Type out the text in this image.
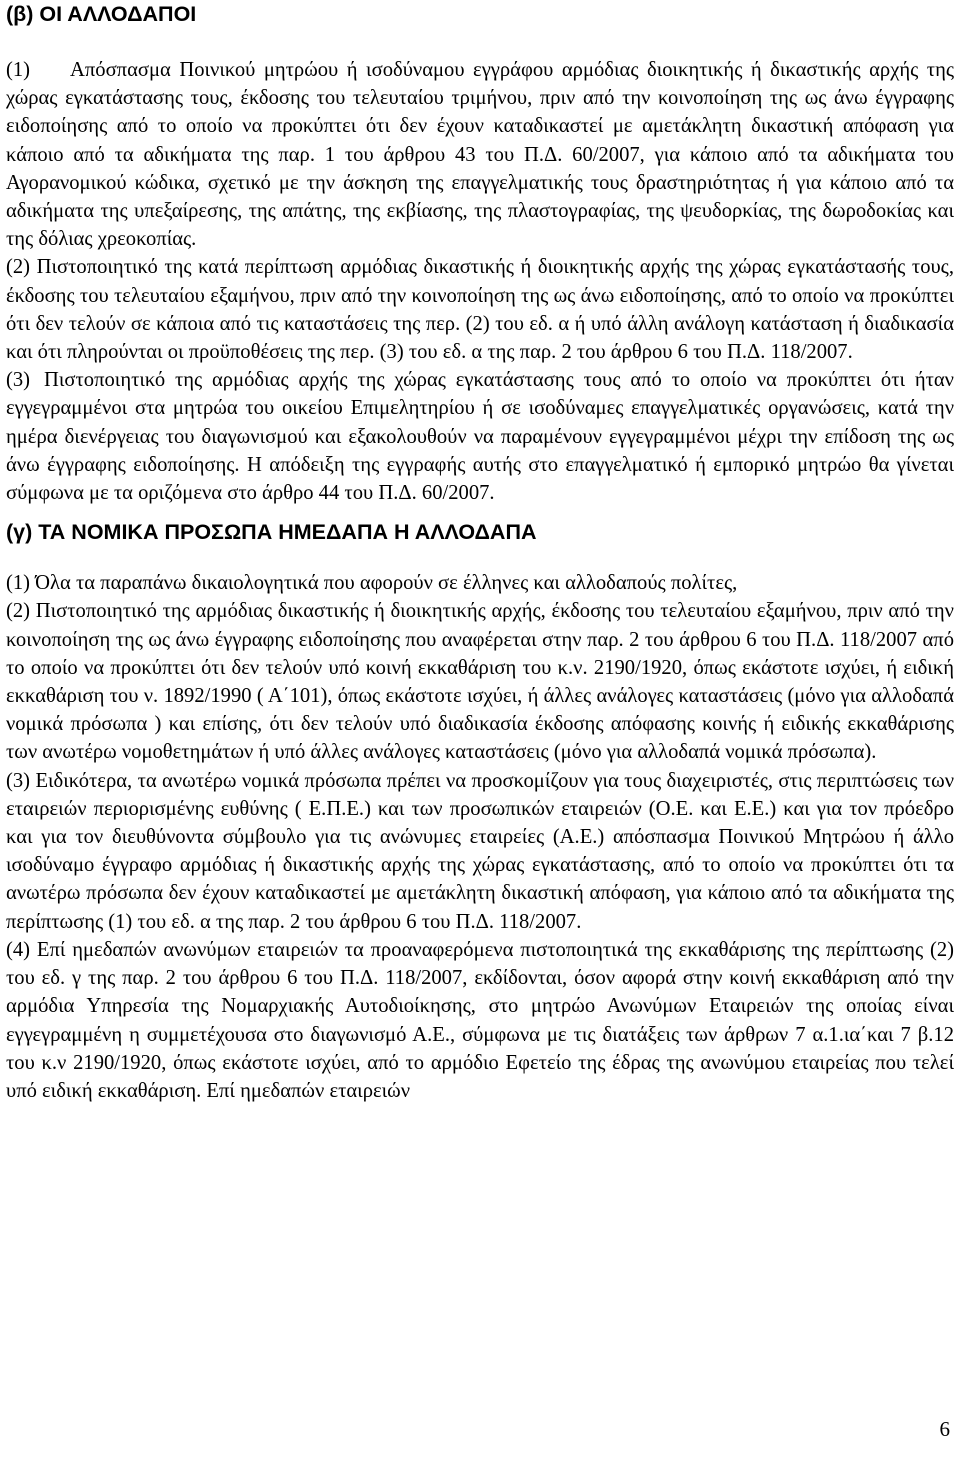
(β) ΟΙ ΑΛΛΟΔΑΠΟΙ

(1) Απόσπασμα Ποινικού μητρώου ή ισοδύναμου εγγράφου αρμόδιας διοικητικής ή δικαστικής αρχής της χώρας εγκατάστασης τους, έκδοσης του τελευταίου τριμήνου, πριν από την κοινοποίηση της ως άνω έγγραφης ειδοποίησης από το οποίο να προκύπτει ότι δεν έχουν καταδικαστεί με αμετάκλητη δικαστική απόφαση για κάποιο από τα αδικήματα της παρ. 1 του άρθρου 43 του Π.Δ. 60/2007, για κάποιο από τα αδικήματα του Αγορανομικού κώδικα, σχετικό με την άσκηση της επαγγελματικής τους δραστηριότητας ή για κάποιο από τα αδικήματα της υπεξαίρεσης, της απάτης, της εκβίασης, της πλαστογραφίας, της ψευδορκίας, της δωροδοκίας και της δόλιας χρεοκοπίας.

(2) Πιστοποιητικό της κατά περίπτωση αρμόδιας δικαστικής ή διοικητικής αρχής της χώρας εγκατάστασής τους, έκδοσης του τελευταίου εξαμήνου, πριν από την κοινοποίηση της ως άνω ειδοποίησης, από το οποίο να προκύπτει ότι δεν τελούν σε κάποια από τις καταστάσεις της περ. (2) του εδ. α ή υπό άλλη ανάλογη κατάσταση ή διαδικασία και ότι πληρούνται οι προϋποθέσεις της περ. (3) του εδ. α της παρ. 2 του άρθρου 6 του Π.Δ. 118/2007.

(3) Πιστοποιητικό της αρμόδιας αρχής της χώρας εγκατάστασης τους από το οποίο να προκύπτει ότι ήταν εγγεγραμμένοι στα μητρώα του οικείου Επιμελητηρίου ή σε ισοδύναμες επαγγελματικές οργανώσεις, κατά την ημέρα διενέργειας του διαγωνισμού και εξακολουθούν να παραμένουν εγγεγραμμένοι μέχρι την επίδοση της ως άνω έγγραφης ειδοποίησης. Η απόδειξη της εγγραφής αυτής στο επαγγελματικό ή εμπορικό μητρώο θα γίνεται σύμφωνα με τα οριζόμενα στο άρθρο 44 του Π.Δ. 60/2007.

(γ) ΤΑ ΝΟΜΙΚΑ ΠΡΟΣΩΠΑ ΗΜΕΔΑΠΑ Η ΑΛΛΟΔΑΠΑ

(1) Όλα τα παραπάνω δικαιολογητικά που αφορούν σε έλληνες και αλλοδαπούς πολίτες,

(2) Πιστοποιητικό της αρμόδιας δικαστικής ή διοικητικής αρχής, έκδοσης του τελευταίου εξαμήνου, πριν από την κοινοποίηση της ως άνω έγγραφης ειδοποίησης που αναφέρεται στην παρ. 2 του άρθρου 6 του Π.Δ. 118/2007 από το οποίο να προκύπτει ότι δεν τελούν υπό κοινή εκκαθάριση του κ.ν. 2190/1920, όπως εκάστοτε ισχύει, ή ειδική εκκαθάριση του ν. 1892/1990 ( Α΄101), όπως εκάστοτε ισχύει, ή άλλες ανάλογες καταστάσεις (μόνο για αλλοδαπά νομικά πρόσωπα ) και επίσης, ότι δεν τελούν υπό διαδικασία έκδοσης απόφασης κοινής ή ειδικής εκκαθάρισης των ανωτέρω νομοθετημάτων ή υπό άλλες ανάλογες καταστάσεις (μόνο για αλλοδαπά νομικά πρόσωπα).

(3) Ειδικότερα, τα ανωτέρω νομικά πρόσωπα πρέπει να προσκομίζουν για τους διαχειριστές, στις περιπτώσεις των εταιρειών περιορισμένης ευθύνης ( Ε.Π.Ε.) και των προσωπικών εταιρειών (Ο.Ε. και Ε.Ε.) και για τον πρόεδρο και για τον διευθύνοντα σύμβουλο για τις ανώνυμες εταιρείες (Α.Ε.) απόσπασμα Ποινικού Μητρώου ή άλλο ισοδύναμο έγγραφο αρμόδιας ή δικαστικής αρχής της χώρας εγκατάστασης, από το οποίο να προκύπτει ότι τα ανωτέρω πρόσωπα δεν έχουν καταδικαστεί με αμετάκλητη δικαστική απόφαση, για κάποιο από τα αδικήματα της περίπτωσης (1) του εδ. α της παρ. 2 του άρθρου 6 του Π.Δ. 118/2007.

(4) Επί ημεδαπών ανωνύμων εταιρειών τα προαναφερόμενα πιστοποιητικά της εκκαθάρισης της περίπτωσης (2) του εδ. γ της παρ. 2 του άρθρου 6 του Π.Δ. 118/2007, εκδίδονται, όσον αφορά στην κοινή εκκαθάριση από την αρμόδια Υπηρεσία της Νομαρχιακής Αυτοδιοίκησης, στο μητρώο Ανωνύμων Εταιρειών της οποίας είναι εγγεγραμμένη η συμμετέχουσα στο διαγωνισμό Α.Ε., σύμφωνα με τις διατάξεις των άρθρων 7 α.1.ια΄και 7 β.12 του κ.ν 2190/1920, όπως εκάστοτε ισχύει, από το αρμόδιο Εφετείο της έδρας της ανωνύμου εταιρείας που τελεί υπό ειδική εκκαθάριση. Επί ημεδαπών εταιρειών

6
